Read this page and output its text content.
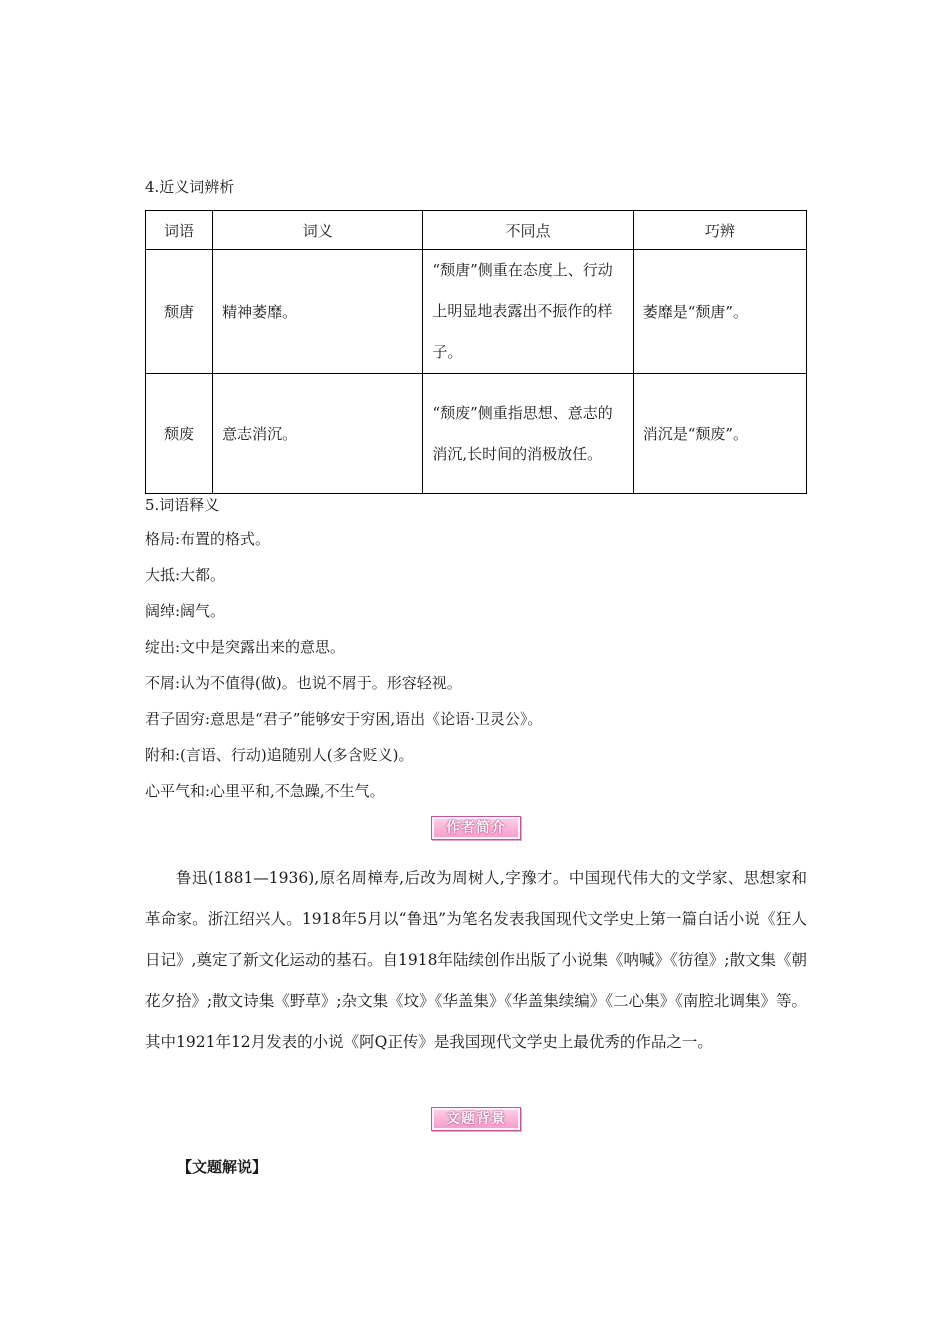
4.近义词辨析
词语	词义	不同点	巧辨
颓唐	精神萎靡。	“颓唐”侧重在态度上、行动上明显地表露出不振作的样子。	萎靡是“颓唐”。
颓废	意志消沉。	“颓废”侧重指思想、意志的消沉,长时间的消极放任。	消沉是“颓废”。
5.词语释义
格局:布置的格式。
大抵:大都。
阔绰:阔气。
绽出:文中是突露出来的意思。
不屑:认为不值得(做)。也说不屑于。形容轻视。
君子固穷:意思是“君子”能够安于穷困,语出《论语·卫灵公》。
附和:(言语、行动)追随别人(多含贬义)。
心平气和:心里平和,不急躁,不生气。
作者简介
鲁迅(1881—1936),原名周樟寿,后改为周树人,字豫才。中国现代伟大的文学家、思想家和革命家。浙江绍兴人。1918年5月以“鲁迅”为笔名发表我国现代文学史上第一篇白话小说《狂人日记》,奠定了新文化运动的基石。自1918年陆续创作出版了小说集《呐喊》《彷徨》;散文集《朝花夕拾》;散文诗集《野草》;杂文集《坟》《华盖集》《华盖集续编》《二心集》《南腔北调集》等。其中1921年12月发表的小说《阿Q正传》是我国现代文学史上最优秀的作品之一。
文题背景
【文题解说】
